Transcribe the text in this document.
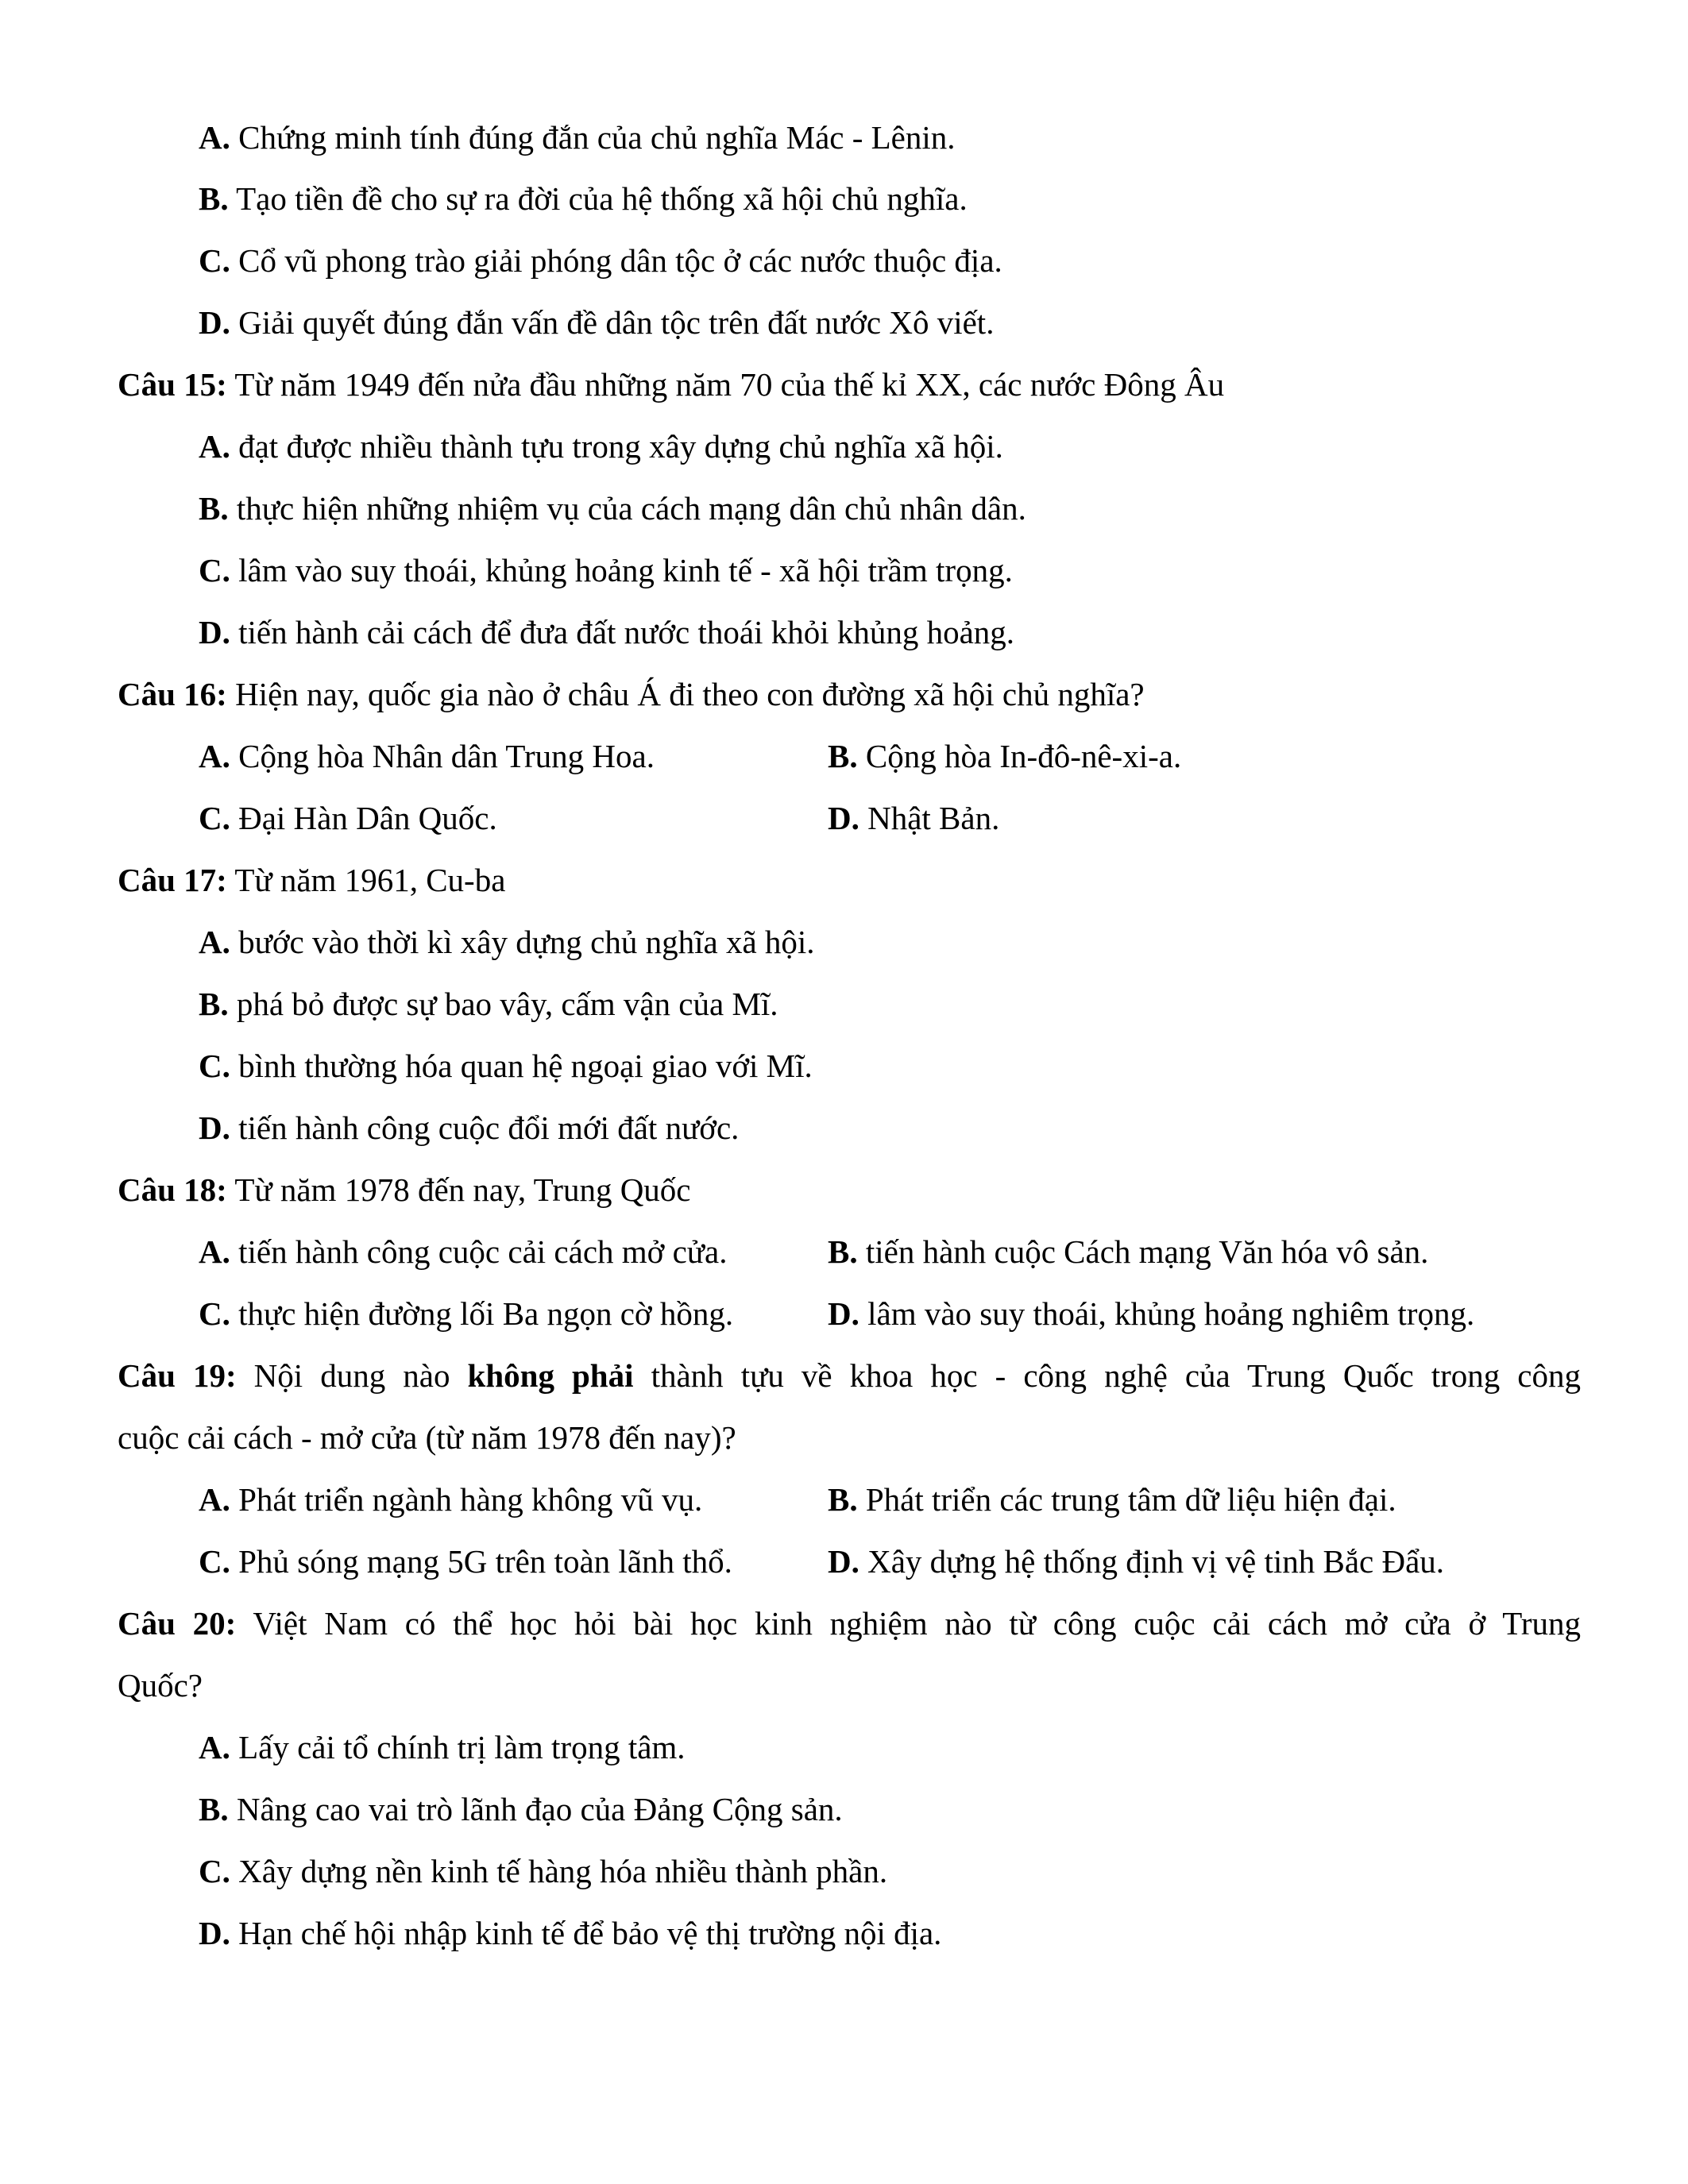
A. Chứng minh tính đúng đắn của chủ nghĩa Mác - Lênin.
B. Tạo tiền đề cho sự ra đời của hệ thống xã hội chủ nghĩa.
C. Cổ vũ phong trào giải phóng dân tộc ở các nước thuộc địa.
D. Giải quyết đúng đắn vấn đề dân tộc trên đất nước Xô viết.
Câu 15: Từ năm 1949 đến nửa đầu những năm 70 của thế kỉ XX, các nước Đông Âu
A. đạt được nhiều thành tựu trong xây dựng chủ nghĩa xã hội.
B. thực hiện những nhiệm vụ của cách mạng dân chủ nhân dân.
C. lâm vào suy thoái, khủng hoảng kinh tế - xã hội trầm trọng.
D. tiến hành cải cách để đưa đất nước thoái khỏi khủng hoảng.
Câu 16: Hiện nay, quốc gia nào ở châu Á đi theo con đường xã hội chủ nghĩa?
A. Cộng hòa Nhân dân Trung Hoa.	B. Cộng hòa In-đô-nê-xi-a.
C. Đại Hàn Dân Quốc.	D. Nhật Bản.
Câu 17: Từ năm 1961, Cu-ba
A. bước vào thời kì xây dựng chủ nghĩa xã hội.
B. phá bỏ được sự bao vây, cấm vận của Mĩ.
C. bình thường hóa quan hệ ngoại giao với Mĩ.
D. tiến hành công cuộc đổi mới đất nước.
Câu 18: Từ năm 1978 đến nay, Trung Quốc
A. tiến hành công cuộc cải cách mở cửa.	B. tiến hành cuộc Cách mạng Văn hóa vô sản.
C. thực hiện đường lối Ba ngọn cờ hồng.	D. lâm vào suy thoái, khủng hoảng nghiêm trọng.
Câu 19: Nội dung nào không phải thành tựu về khoa học - công nghệ của Trung Quốc trong công
cuộc cải cách - mở cửa (từ năm 1978 đến nay)?
A. Phát triển ngành hàng không vũ vụ.	B. Phát triển các trung tâm dữ liệu hiện đại.
C. Phủ sóng mạng 5G trên toàn lãnh thổ.	D. Xây dựng hệ thống định vị vệ tinh Bắc Đẩu.
Câu 20: Việt Nam có thể học hỏi bài học kinh nghiệm nào từ công cuộc cải cách mở cửa ở Trung
Quốc?
A. Lấy cải tổ chính trị làm trọng tâm.
B. Nâng cao vai trò lãnh đạo của Đảng Cộng sản.
C. Xây dựng nền kinh tế hàng hóa nhiều thành phần.
D. Hạn chế hội nhập kinh tế để bảo vệ thị trường nội địa.
